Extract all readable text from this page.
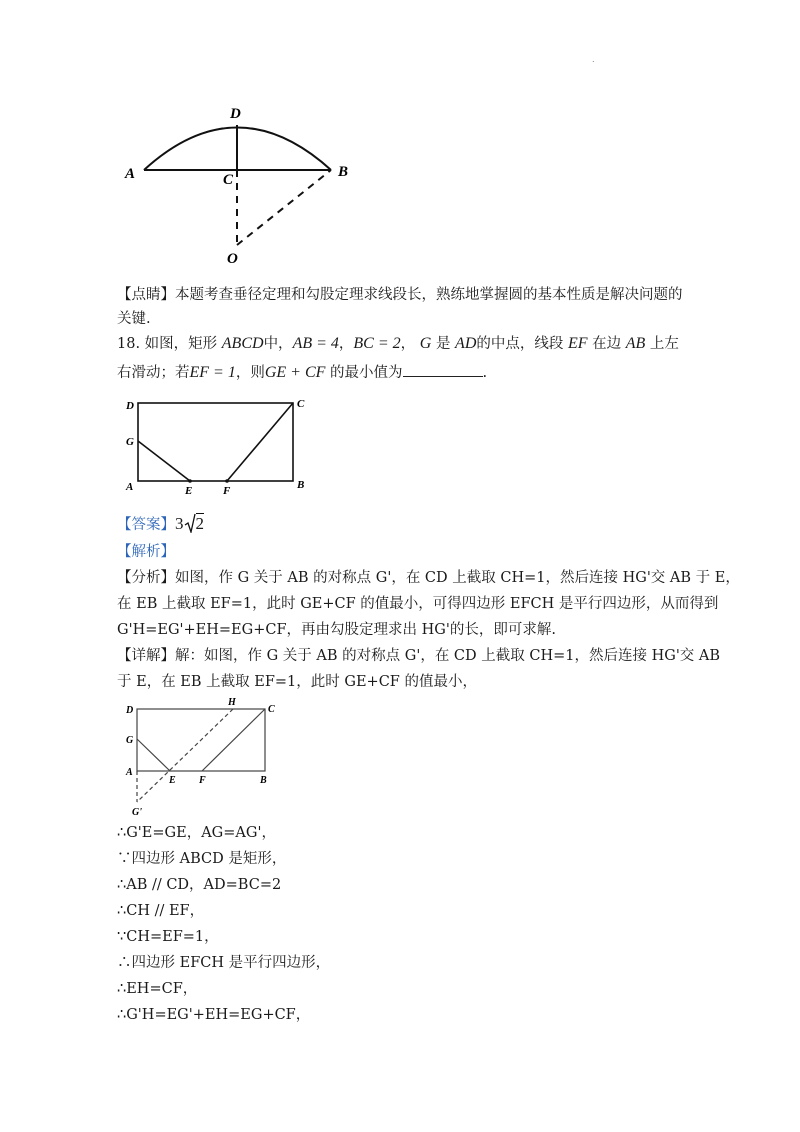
.
D
A	C	B
O
【点睛】本题考查垂径定理和勾股定理求线段长，熟练地掌握圆的基本性质是解决问题的
关键.
18. 如图，矩形 ABCD中，AB = 4，BC = 2， G 是 AD的中点，线段 EF 在边 AB 上左
右滑动；若EF = 1，则GE + CF 的最小值为	.
D	C
G
A	E	F	B
【答案】3 2
【解析】
【分析】如图，作 G 关于 AB 的对称点 G'，在 CD 上截取 CH=1，然后连接 HG'交 AB 于 E，
在 EB 上截取 EF=1，此时 GE+CF 的值最小，可得四边形 EFCH 是平行四边形，从而得到
G'H=EG'+EH=EG+CF，再由勾股定理求出 HG'的长，即可求解.
【详解】解：如图，作 G 关于 AB 的对称点 G'，在 CD 上截取 CH=1，然后连接 HG'交 AB
于 E，在 EB 上截取 EF=1，此时 GE+CF 的值最小，
D
H
C
G
A
E F	B
G'
∴G'E=GE，AG=AG'，
∵四边形 ABCD 是矩形，
∴AB // CD，AD=BC=2
∴CH // EF，
∵CH=EF=1，
∴四边形 EFCH 是平行四边形，
∴EH=CF，
∴G'H=EG'+EH=EG+CF，
